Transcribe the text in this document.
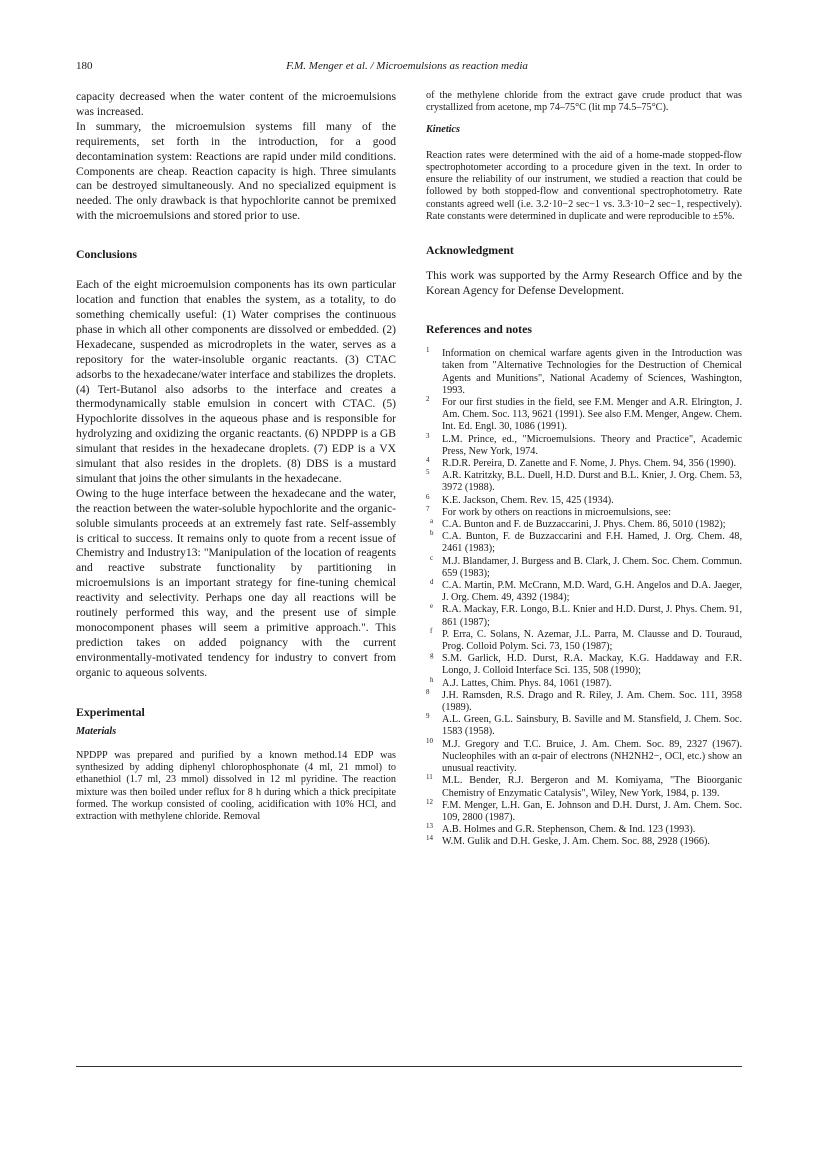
180	F.M. Menger et al. / Microemulsions as reaction media

capacity decreased when the water content of the microemulsions was increased.

In summary, the microemulsion systems fill many of the requirements, set forth in the introduction, for a good decontamination system: Reactions are rapid under mild conditions. Components are cheap. Reaction capacity is high. Three simulants can be destroyed simultaneously. And no specialized equipment is needed. The only drawback is that hypochlorite cannot be premixed with the microemulsions and stored prior to use.

Conclusions

Each of the eight microemulsion components has its own particular location and function that enables the system, as a totality, to do something chemically useful: (1) Water comprises the continuous phase in which all other components are dissolved or embedded. (2) Hexadecane, suspended as microdroplets in the water, serves as a repository for the water-insoluble organic reactants. (3) CTAC adsorbs to the hexadecane/water interface and stabilizes the droplets. (4) Tert-Butanol also adsorbs to the interface and creates a thermodynamically stable emulsion in concert with CTAC. (5) Hypochlorite dissolves in the aqueous phase and is responsible for hydrolyzing and oxidizing the organic reactants. (6) NPDPP is a GB simulant that resides in the hexadecane droplets. (7) EDP is a VX simulant that also resides in the droplets. (8) DBS is a mustard simulant that joins the other simulants in the hexadecane.

Owing to the huge interface between the hexadecane and the water, the reaction between the water-soluble hypochlorite and the organic-soluble simulants proceeds at an extremely fast rate. Self-assembly is critical to success. It remains only to quote from a recent issue of Chemistry and Industry13: "Manipulation of the location of reagents and reactive substrate functionality by partitioning in microemulsions is an important strategy for fine-tuning chemical reactivity and selectivity. Perhaps one day all reactions will be routinely performed this way, and the present use of simple monocomponent phases will seem a primitive approach.". This prediction takes on added poignancy with the current environmentally-motivated tendency for industry to convert from organic to aqueous solvents.

Experimental
Materials

NPDPP was prepared and purified by a known method.14 EDP was synthesized by adding diphenyl chlorophosphonate (4 ml, 21 mmol) to ethanethiol (1.7 ml, 23 mmol) dissolved in 12 ml pyridine. The reaction mixture was then boiled under reflux for 8 h during which a thick precipitate formed. The workup consisted of cooling, acidification with 10% HCl, and extraction with methylene chloride. Removal

of the methylene chloride from the extract gave crude product that was crystallized from acetone, mp 74–75°C (lit mp 74.5–75°C).

Kinetics

Reaction rates were determined with the aid of a home-made stopped-flow spectrophotometer according to a procedure given in the text. In order to ensure the reliability of our instrument, we studied a reaction that could be followed by both stopped-flow and conventional spectrophotometry. Rate constants agreed well (i.e. 3.2·10−2 sec−1 vs. 3.3·10−2 sec−1, respectively). Rate constants were determined in duplicate and were reproducible to ±5%.

Acknowledgment

This work was supported by the Army Research Office and by the Korean Agency for Defense Development.

References and notes
1 Information on chemical warfare agents given in the Introduction was taken from "Alternative Technologies for the Destruction of Chemical Agents and Munitions", National Academy of Sciences, Washington, 1993.
2 For our first studies in the field, see F.M. Menger and A.R. Elrington, J. Am. Chem. Soc. 113, 9621 (1991). See also F.M. Menger, Angew. Chem. Int. Ed. Engl. 30, 1086 (1991).
3 L.M. Prince, ed., "Microemulsions. Theory and Practice", Academic Press, New York, 1974.
4 R.D.R. Pereira, D. Zanette and F. Nome, J. Phys. Chem. 94, 356 (1990).
5 A.R. Katritzky, B.L. Duell, H.D. Durst and B.L. Knier, J. Org. Chem. 53, 3972 (1988).
6 K.E. Jackson, Chem. Rev. 15, 425 (1934).
7 For work by others on reactions in microemulsions, see:
a C.A. Bunton and F. de Buzzaccarini, J. Phys. Chem. 86, 5010 (1982);
b C.A. Bunton, F. de Buzzaccarini and F.H. Hamed, J. Org. Chem. 48, 2461 (1983);
c M.J. Blandamer, J. Burgess and B. Clark, J. Chem. Soc. Chem. Commun. 659 (1983);
d C.A. Martin, P.M. McCrann, M.D. Ward, G.H. Angelos and D.A. Jaeger, J. Org. Chem. 49, 4392 (1984);
e R.A. Mackay, F.R. Longo, B.L. Knier and H.D. Durst, J. Phys. Chem. 91, 861 (1987);
f P. Erra, C. Solans, N. Azemar, J.L. Parra, M. Clausse and D. Touraud, Prog. Colloid Polym. Sci. 73, 150 (1987);
g S.M. Garlick, H.D. Durst, R.A. Mackay, K.G. Haddaway and F.R. Longo, J. Colloid Interface Sci. 135, 508 (1990);
h A.J. Lattes, Chim. Phys. 84, 1061 (1987).
8 J.H. Ramsden, R.S. Drago and R. Riley, J. Am. Chem. Soc. 111, 3958 (1989).
9 A.L. Green, G.L. Sainsbury, B. Saville and M. Stansfield, J. Chem. Soc. 1583 (1958).
10 M.J. Gregory and T.C. Bruice, J. Am. Chem. Soc. 89, 2327 (1967). Nucleophiles with an α-pair of electrons (NH2NH2−, OCl, etc.) show an unusual reactivity.
11 M.L. Bender, R.J. Bergeron and M. Komiyama, "The Bioorganic Chemistry of Enzymatic Catalysis", Wiley, New York, 1984, p. 139.
12 F.M. Menger, L.H. Gan, E. Johnson and D.H. Durst, J. Am. Chem. Soc. 109, 2800 (1987).
13 A.B. Holmes and G.R. Stephenson, Chem. & Ind. 123 (1993).
14 W.M. Gulik and D.H. Geske, J. Am. Chem. Soc. 88, 2928 (1966).
